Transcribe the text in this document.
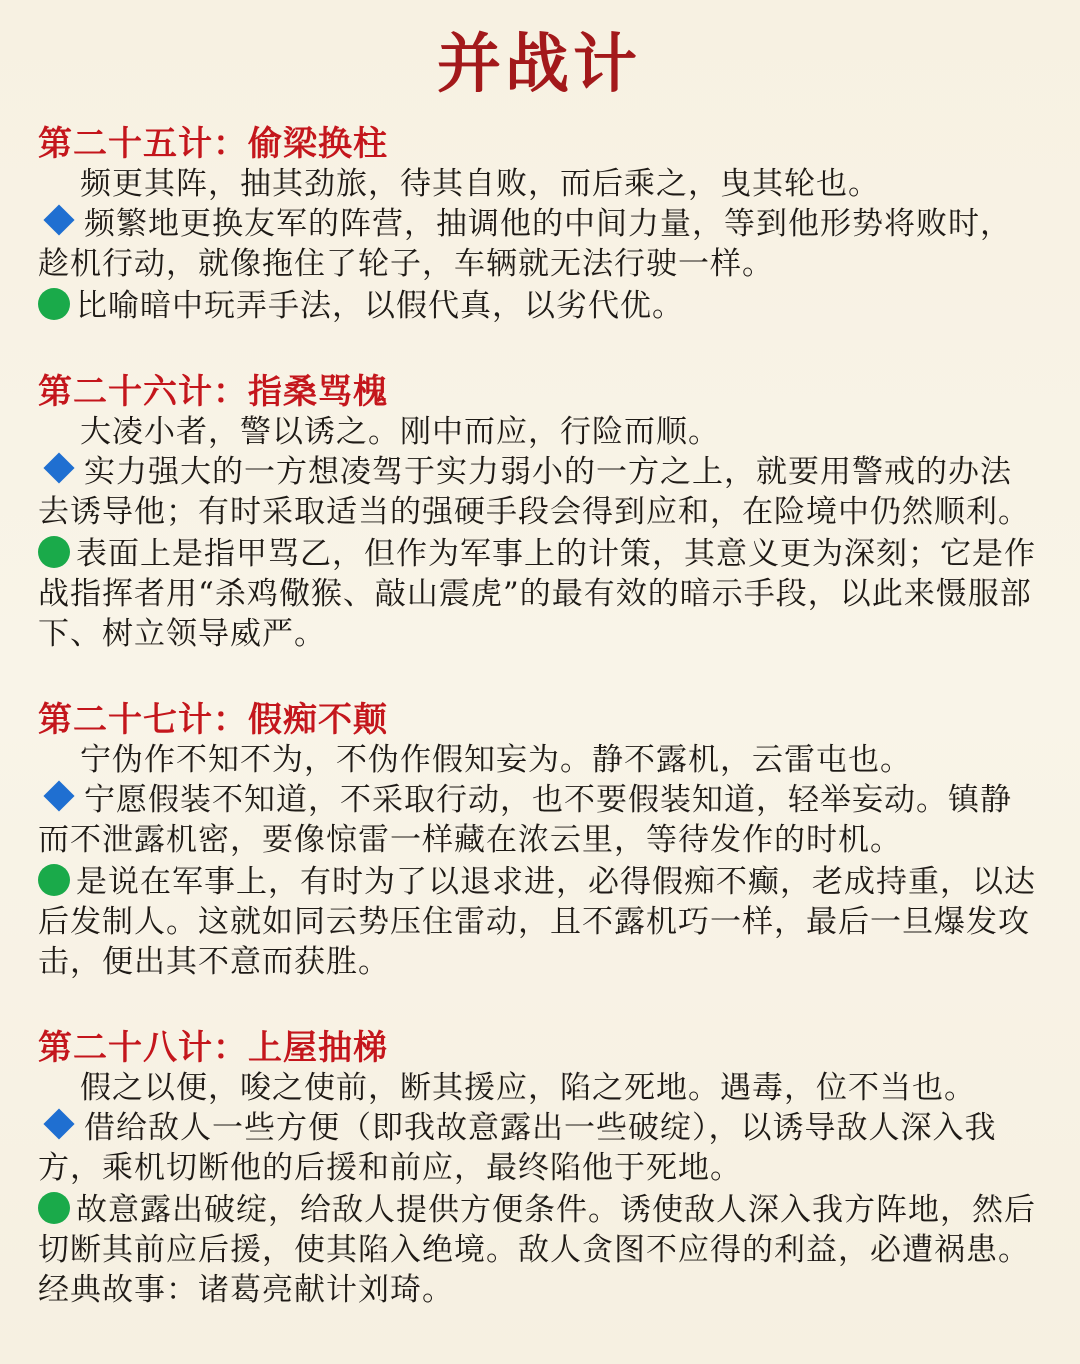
并战计
第二十五计：偷梁换柱
频更其阵，抽其劲旅，待其自败，而后乘之，曳其轮也。
频繁地更换友军的阵营，抽调他的中间力量，等到他形势将败时，趁机行动，就像拖住了轮子，车辆就无法行驶一样。
比喻暗中玩弄手法，以假代真，以劣代优。
第二十六计：指桑骂槐
大凌小者，警以诱之。刚中而应，行险而顺。
实力强大的一方想凌驾于实力弱小的一方之上，就要用警戒的办法去诱导他；有时采取适当的强硬手段会得到应和，在险境中仍然顺利。
表面上是指甲骂乙，但作为军事上的计策，其意义更为深刻；它是作战指挥者用“杀鸡儆猴、敲山震虎”的最有效的暗示手段，以此来慑服部下、树立领导威严。
第二十七计：假痴不颠
宁伪作不知不为，不伪作假知妄为。静不露机，云雷屯也。
宁愿假装不知道，不采取行动，也不要假装知道，轻举妄动。镇静而不泄露机密，要像惊雷一样藏在浓云里，等待发作的时机。
是说在军事上，有时为了以退求进，必得假痴不癫，老成持重，以达后发制人。这就如同云势压住雷动，且不露机巧一样，最后一旦爆发攻击，便出其不意而获胜。
第二十八计：上屋抽梯
假之以便，唆之使前，断其援应，陷之死地。遇毒，位不当也。
借给敌人一些方便（即我故意露出一些破绽），以诱导敌人深入我方，乘机切断他的后援和前应，最终陷他于死地。
故意露出破绽，给敌人提供方便条件。诱使敌人深入我方阵地，然后切断其前应后援，使其陷入绝境。敌人贪图不应得的利益，必遭祸患。经典故事：诸葛亮献计刘琦。
